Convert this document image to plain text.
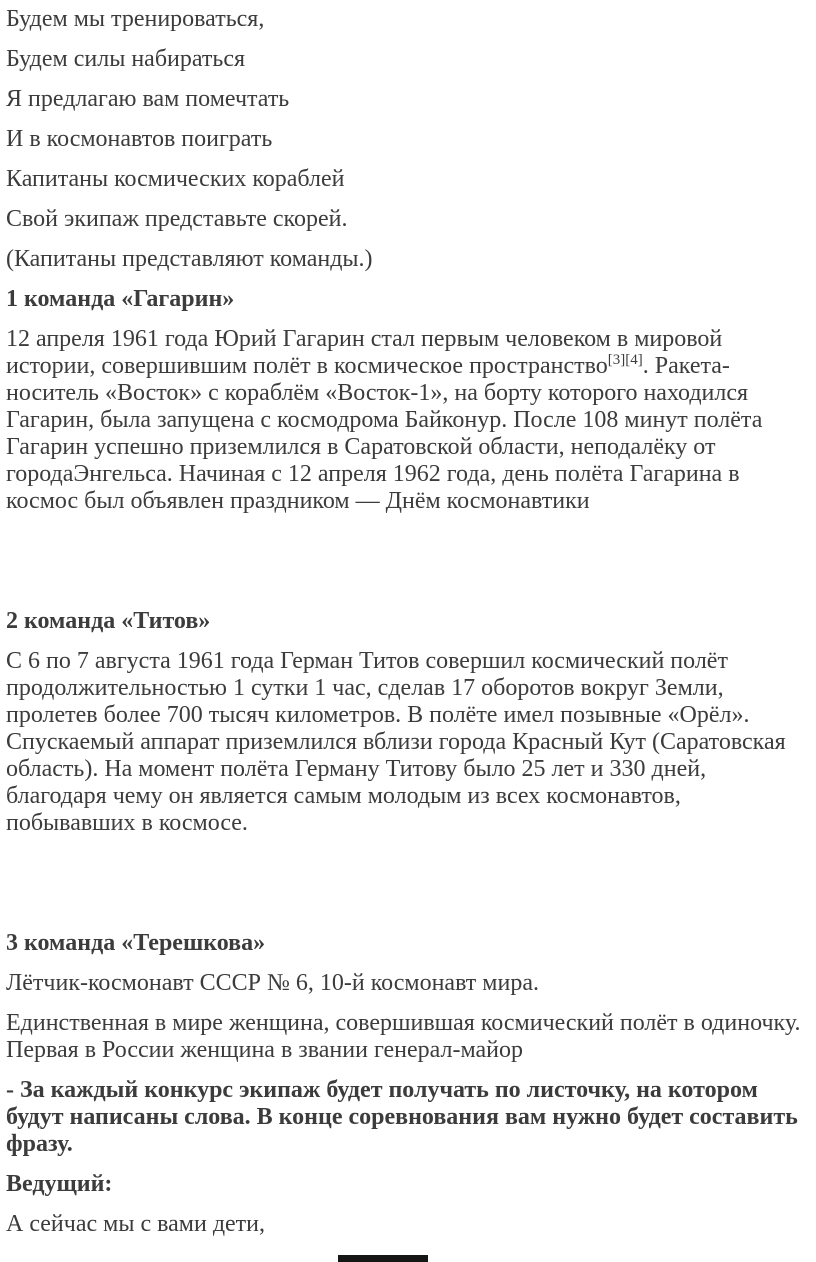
Будем мы тренироваться,

Будем силы набираться

Я предлагаю вам помечтать

И в космонавтов поиграть

Капитаны космических кораблей

Свой экипаж представьте скорей.

(Капитаны представляют команды.)

1 команда «Гагарин»

12 апреля 1961 года Юрий Гагарин стал первым человеком в мировой истории, совершившим полёт в космическое пространство[3][4]. Ракета-носитель «Восток» с кораблём «Восток-1», на борту которого находился Гагарин, была запущена с космодрома Байконур. После 108 минут полёта Гагарин успешно приземлился в Саратовской области, неподалёку от городаЭнгельса. Начиная с 12 апреля 1962 года, день полёта Гагарина в космос был объявлен праздником — Днём космонавтики

2 команда «Титов»

С 6 по 7 августа 1961 года Герман Титов совершил космический полёт продолжительностью 1 сутки 1 час, сделав 17 оборотов вокруг Земли, пролетев более 700 тысяч километров. В полёте имел позывные «Орёл». Спускаемый аппарат приземлился вблизи города Красный Кут (Саратовская область). На момент полёта Герману Титову было 25 лет и 330 дней, благодаря чему он является самым молодым из всех космонавтов, побывавших в космосе.

3 команда «Терешкова»

Лётчик-космонавт СССР № 6, 10-й космонавт мира.

Единственная в мире женщина, совершившая космический полёт в одиночку. Первая в России женщина в звании генерал-майор

- За каждый конкурс экипаж будет получать по листочку, на котором будут написаны слова. В конце соревнования вам нужно будет составить фразу.

Ведущий:

А сейчас мы с вами дети,
